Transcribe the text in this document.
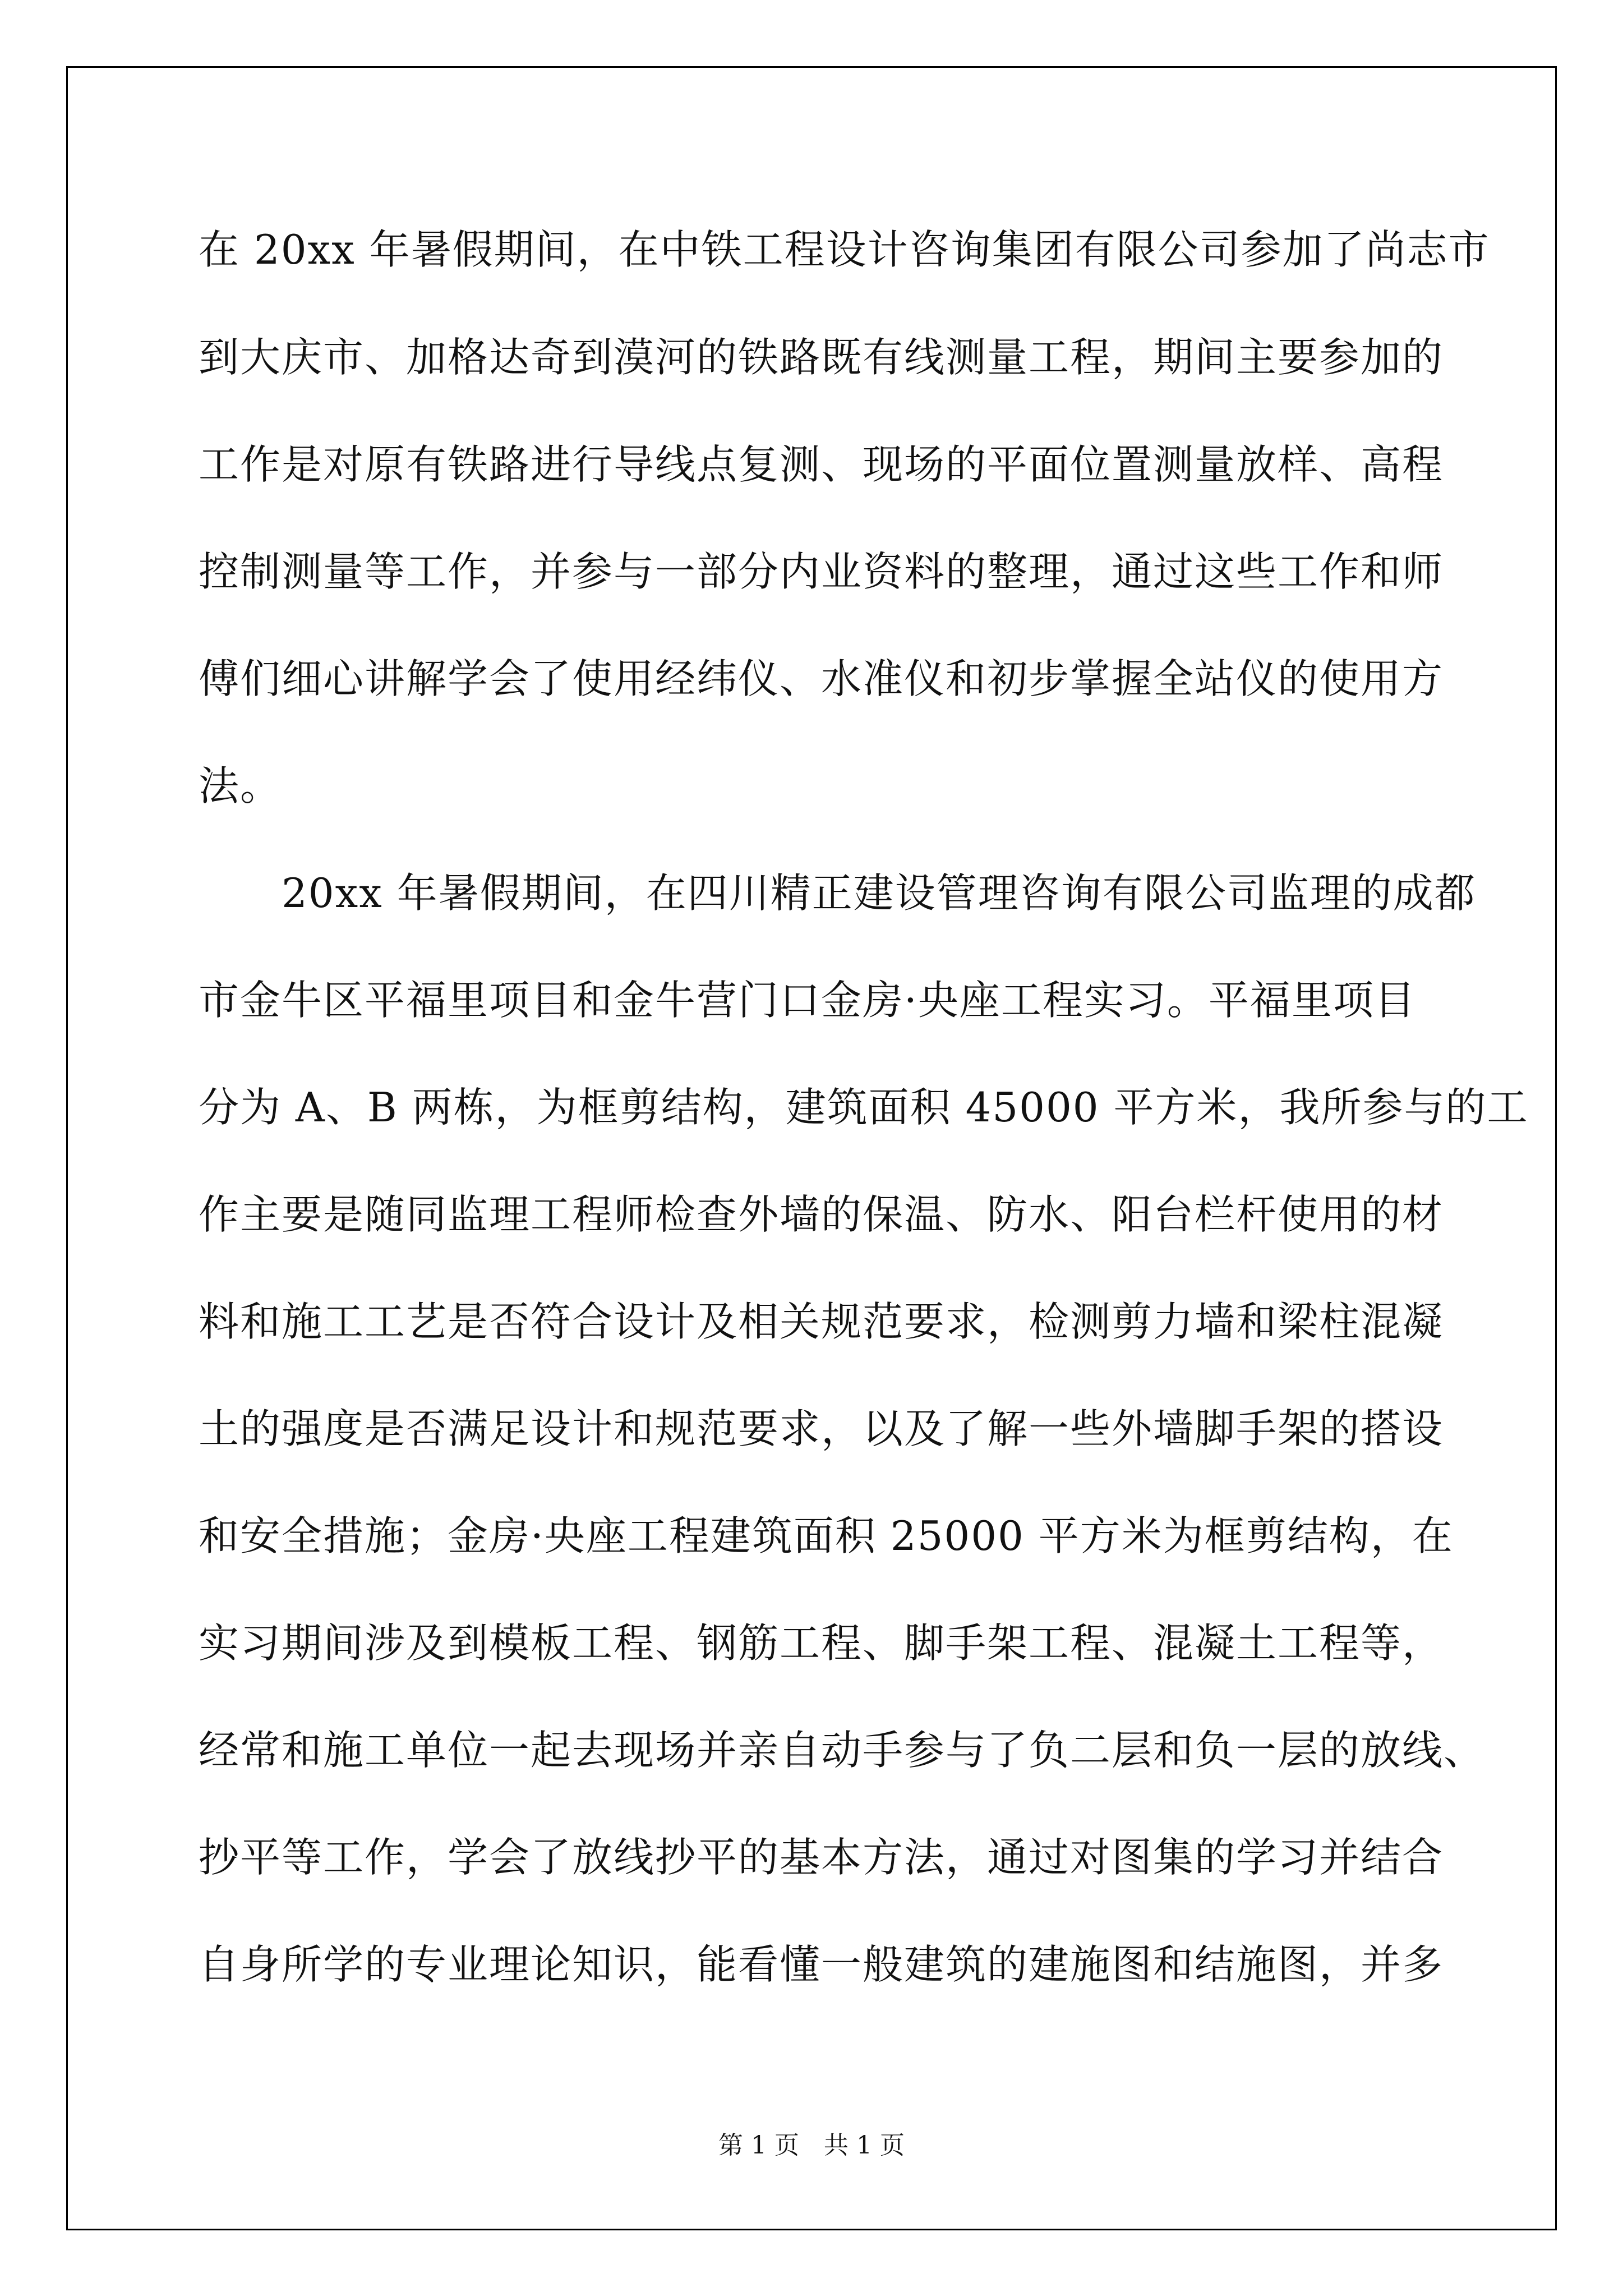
在 20xx 年暑假期间，在中铁工程设计咨询集团有限公司参加了尚志市

到大庆市、加格达奇到漠河的铁路既有线测量工程，期间主要参加的

工作是对原有铁路进行导线点复测、现场的平面位置测量放样、高程

控制测量等工作，并参与一部分内业资料的整理，通过这些工作和师

傅们细心讲解学会了使用经纬仪、水准仪和初步掌握全站仪的使用方

法。

　　20xx 年暑假期间，在四川精正建设管理咨询有限公司监理的成都

市金牛区平福里项目和金牛营门口金房·央座工程实习。平福里项目

分为 A、B 两栋，为框剪结构，建筑面积 45000 平方米，我所参与的工

作主要是随同监理工程师检查外墙的保温、防水、阳台栏杆使用的材

料和施工工艺是否符合设计及相关规范要求，检测剪力墙和梁柱混凝

土的强度是否满足设计和规范要求，以及了解一些外墙脚手架的搭设

和安全措施；金房·央座工程建筑面积 25000 平方米为框剪结构，在

实习期间涉及到模板工程、钢筋工程、脚手架工程、混凝土工程等，

经常和施工单位一起去现场并亲自动手参与了负二层和负一层的放线、

抄平等工作，学会了放线抄平的基本方法，通过对图集的学习并结合

自身所学的专业理论知识，能看懂一般建筑的建施图和结施图，并多

第 1 页　共 1 页
